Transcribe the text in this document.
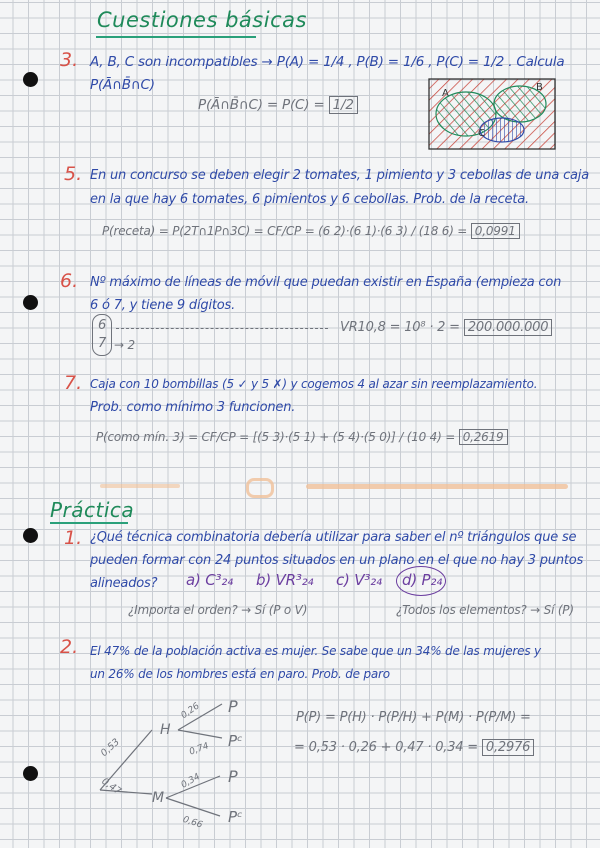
Cuestiones básicas
3. A, B, C son incompatibles → P(A) = 1/4 , P(B) = 1/6 , P(C) = 1/2 . Calcula
P(Ā∩B̄∩C)
P(Ā∩B̄∩C) = P(C) = 1/2
A
B
C
5. En un concurso se deben elegir 2 tomates, 1 pimiento y 3 cebollas de una caja
en la que hay 6 tomates, 6 pimientos y 6 cebollas. Prob. de la receta.
P(receta) = P(2T∩1P∩3C) = CF/CP = (6 2)·(6 1)·(6 3) / (18 6) = 0,0991
6. Nº máximo de líneas de móvil que puedan existir en España (empieza con
6 ó 7, y tiene 9 dígitos.
6
7 → 2
VR10,8 = 10⁸ · 2 = 200.000.000
7. Caja con 10 bombillas (5 ✓ y 5 ✗) y cogemos 4 al azar sin reemplazamiento.
Prob. como mínimo 3 funcionen.
P(como mín. 3) = CF/CP = [(5 3)·(5 1) + (5 4)·(5 0)] / (10 4) = 0,2619
Práctica
1. ¿Qué técnica combinatoria debería utilizar para saber el nº triángulos que se
pueden formar con 24 puntos situados en un plano en el que no hay 3 puntos
alineados? a) C³₂₄ b) VR³₂₄ c) V³₂₄ d) P₂₄
¿Importa el orden? → Sí (P o V)	¿Todos los elementos? → Sí (P)
2. El 47% de la población activa es mujer. Se sabe que un 34% de las mujeres y
un 26% de los hombres está en paro. Prob. de paro
P(P) = P(H) · P(P/H) + P(M) · P(P/M) =
= 0,53 · 0,26 + 0,47 · 0,34 = 0,2976
H
M
P
Pᶜ
P
Pᶜ
0,53
0,47
0,26
0,74
0,34
0,66
